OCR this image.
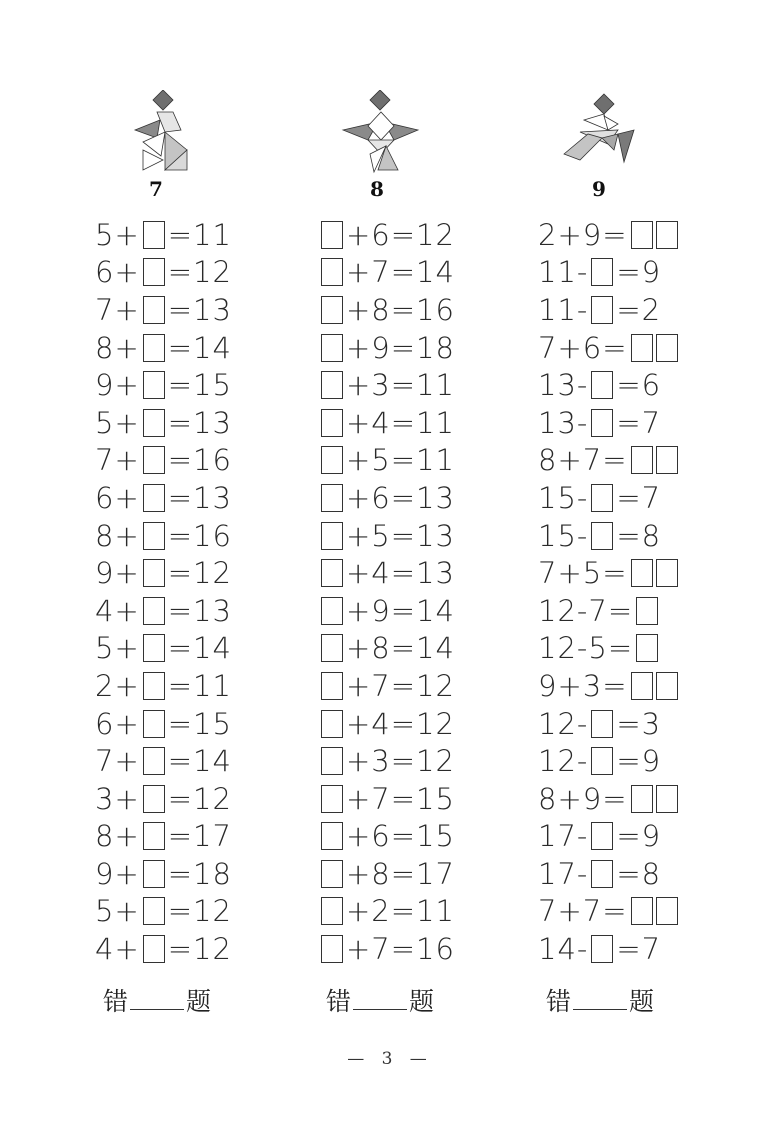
7
5+ =11
6+ =12
7+ =13
8+ =14
9+ =15
5+ =13
7+ =16
6+ =13
8+ =16
9+ =12
4+ =13
5+ =14
2+ =11
6+ =15
7+ =14
3+ =12
8+ =17
9+ =18
5+ =12
4+ =12
错 题
8
+6=12
+7=14
+8=16
+9=18
+3=11
+4=11
+5=11
+6=13
+5=13
+4=13
+9=14
+8=14
+7=12
+4=12
+3=12
+7=15
+6=15
+8=17
+2=11
+7=16
错 题
9
2+9=
11- =9
11- =2
7+6=
13- =6
13- =7
8+7=
15- =7
15- =8
7+5=
12-7=
12-5=
9+3=
12- =3
12- =9
8+9=
17- =9
17- =8
7+7=
14- =7
错 题
— 3 —
